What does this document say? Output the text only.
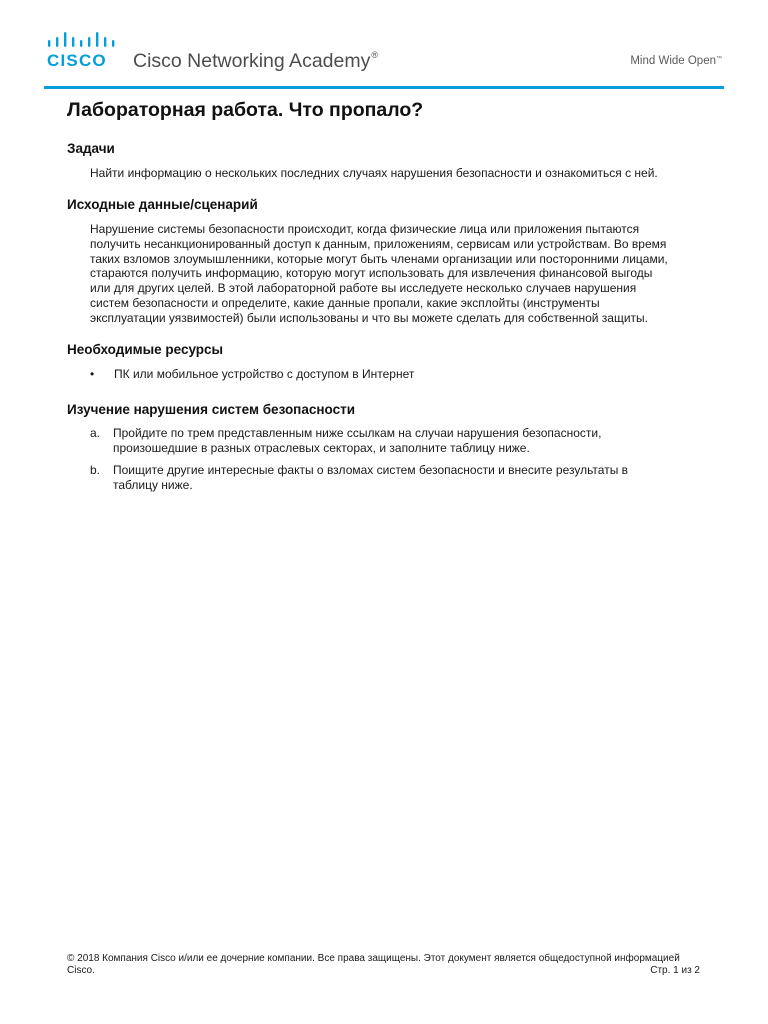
CISCO Cisco Networking Academy®	Mind Wide Open™
Лабораторная работа. Что пропало?
Задачи

Найти информацию о нескольких последних случаях нарушения безопасности и ознакомиться с ней.

Исходные данные/сценарий

Нарушение системы безопасности происходит, когда физические лица или приложения пытаются
получить несанкционированный доступ к данным, приложениям, сервисам или устройствам. Во время
таких взломов злоумышленники, которые могут быть членами организации или посторонними лицами,
стараются получить информацию, которую могут использовать для извлечения финансовой выгоды
или для других целей. В этой лабораторной работе вы исследуете несколько случаев нарушения
систем безопасности и определите, какие данные пропали, какие эксплойты (инструменты
эксплуатации уязвимостей) были использованы и что вы можете сделать для собственной защиты.

Необходимые ресурсы
•	ПК или мобильное устройство с доступом в Интернет
Изучение нарушения систем безопасности
a. Пройдите по трем представленным ниже ссылкам на случаи нарушения безопасности,
произошедшие в разных отраслевых секторах, и заполните таблицу ниже.
b. Поищите другие интересные факты о взломах систем безопасности и внесите результаты в
таблицу ниже.
© 2018 Компания Cisco и/или ее дочерние компании. Все права защищены. Этот документ является общедоступной информацией
Cisco.	Стр. 1 из 2
